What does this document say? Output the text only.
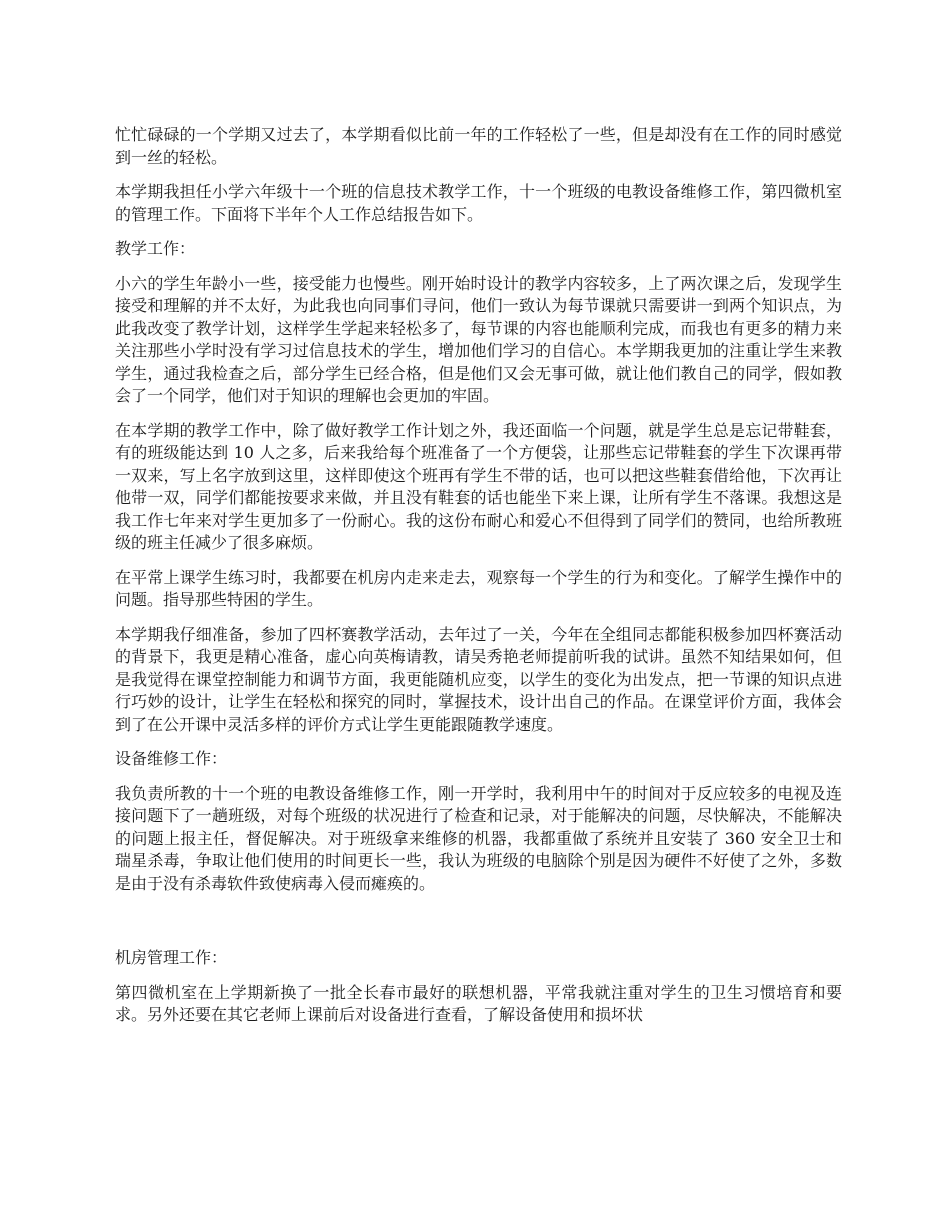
忙忙碌碌的一个学期又过去了，本学期看似比前一年的工作轻松了一些，但是却没有在工作的同时感觉到一丝的轻松。

本学期我担任小学六年级十一个班的信息技术教学工作，十一个班级的电教设备维修工作，第四微机室的管理工作。下面将下半年个人工作总结报告如下。

教学工作：

小六的学生年龄小一些，接受能力也慢些。刚开始时设计的教学内容较多，上了两次课之后，发现学生接受和理解的并不太好，为此我也向同事们寻问，他们一致认为每节课就只需要讲一到两个知识点，为此我改变了教学计划，这样学生学起来轻松多了，每节课的内容也能顺利完成，而我也有更多的精力来关注那些小学时没有学习过信息技术的学生，增加他们学习的自信心。本学期我更加的注重让学生来教学生，通过我检查之后，部分学生已经合格，但是他们又会无事可做，就让他们教自己的同学，假如教会了一个同学，他们对于知识的理解也会更加的牢固。

在本学期的教学工作中，除了做好教学工作计划之外，我还面临一个问题，就是学生总是忘记带鞋套，有的班级能达到 10 人之多，后来我给每个班准备了一个方便袋，让那些忘记带鞋套的学生下次课再带一双来，写上名字放到这里，这样即使这个班再有学生不带的话，也可以把这些鞋套借给他，下次再让他带一双，同学们都能按要求来做，并且没有鞋套的话也能坐下来上课，让所有学生不落课。我想这是我工作七年来对学生更加多了一份耐心。我的这份布耐心和爱心不但得到了同学们的赞同，也给所教班级的班主任减少了很多麻烦。

在平常上课学生练习时，我都要在机房内走来走去，观察每一个学生的行为和变化。了解学生操作中的问题。指导那些特困的学生。

本学期我仔细准备，参加了四杯赛教学活动，去年过了一关，今年在全组同志都能积极参加四杯赛活动的背景下，我更是精心准备，虚心向英梅请教，请吴秀艳老师提前听我的试讲。虽然不知结果如何，但是我觉得在课堂控制能力和调节方面，我更能随机应变，以学生的变化为出发点，把一节课的知识点进行巧妙的设计，让学生在轻松和探究的同时，掌握技术，设计出自己的作品。在课堂评价方面，我体会到了在公开课中灵活多样的评价方式让学生更能跟随教学速度。

设备维修工作：

我负责所教的十一个班的电教设备维修工作，刚一开学时，我利用中午的时间对于反应较多的电视及连接问题下了一趟班级，对每个班级的状况进行了检查和记录，对于能解决的问题，尽快解决，不能解决的问题上报主任，督促解决。对于班级拿来维修的机器，我都重做了系统并且安装了 360 安全卫士和瑞星杀毒，争取让他们使用的时间更长一些，我认为班级的电脑除个别是因为硬件不好使了之外，多数是由于没有杀毒软件致使病毒入侵而瘫痪的。

机房管理工作：

第四微机室在上学期新换了一批全长春市最好的联想机器，平常我就注重对学生的卫生习惯培育和要求。另外还要在其它老师上课前后对设备进行查看，了解设备使用和损坏状
